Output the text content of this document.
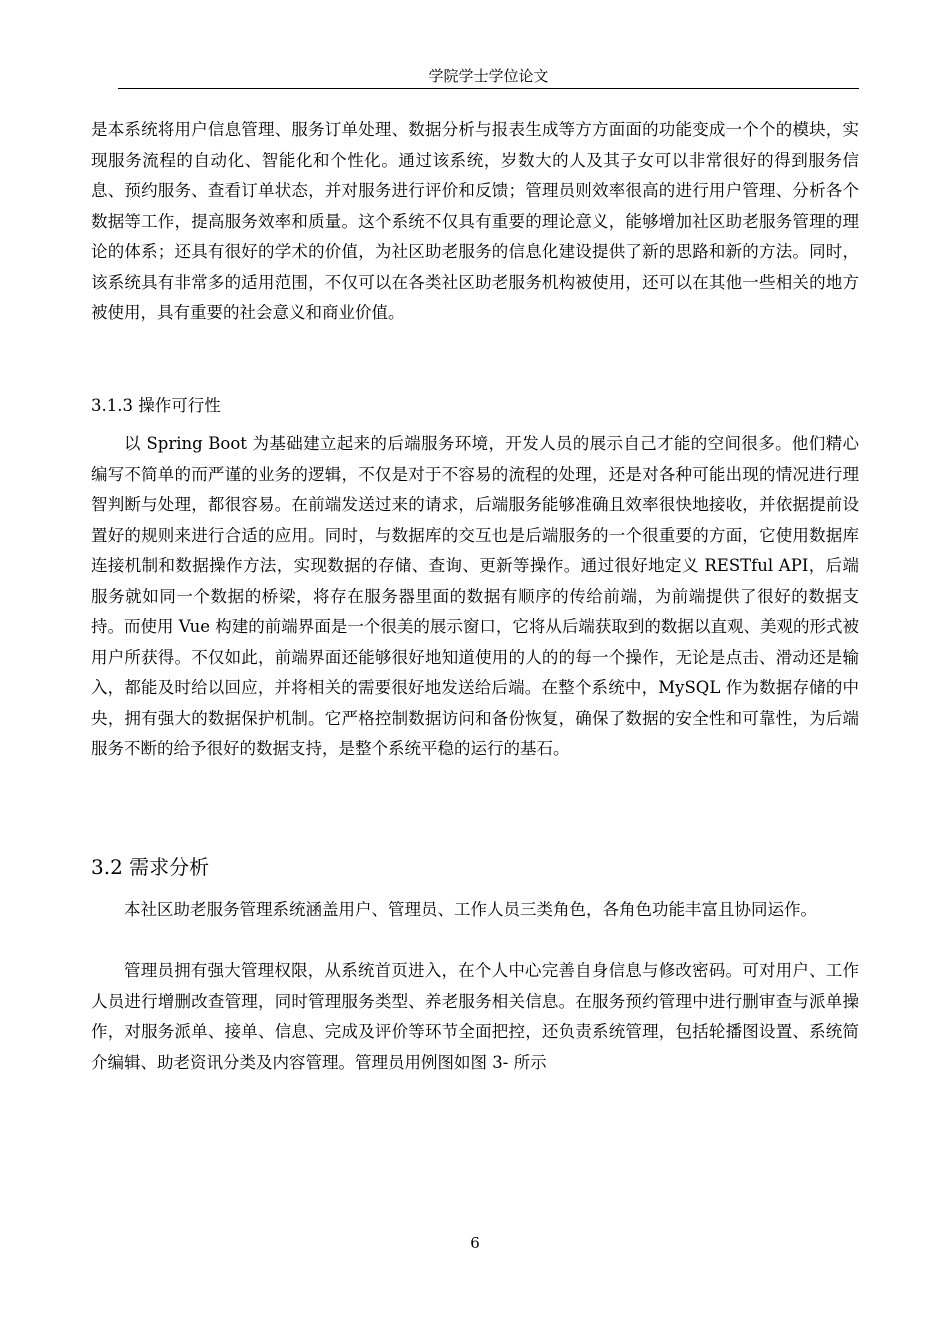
学院学士学位论文

是本系统将用户信息管理、服务订单处理、数据分析与报表生成等方方面面的功能变成一个个的模块，实现服务流程的自动化、智能化和个性化。通过该系统，岁数大的人及其子女可以非常很好的得到服务信息、预约服务、查看订单状态，并对服务进行评价和反馈；管理员则效率很高的进行用户管理、分析各个数据等工作，提高服务效率和质量。这个系统不仅具有重要的理论意义，能够增加社区助老服务管理的理论的体系；还具有很好的学术的价值，为社区助老服务的信息化建设提供了新的思路和新的方法。同时，该系统具有非常多的适用范围，不仅可以在各类社区助老服务机构被使用，还可以在其他一些相关的地方被使用，具有重要的社会意义和商业价值。

3.1.3 操作可行性

以 Spring Boot 为基础建立起来的后端服务环境，开发人员的展示自己才能的空间很多。他们精心编写不简单的而严谨的业务的逻辑，不仅是对于不容易的流程的处理，还是对各种可能出现的情况进行理智判断与处理，都很容易。在前端发送过来的请求，后端服务能够准确且效率很快地接收，并依据提前设置好的规则来进行合适的应用。同时，与数据库的交互也是后端服务的一个很重要的方面，它使用数据库连接机制和数据操作方法，实现数据的存储、查询、更新等操作。通过很好地定义 RESTful API，后端服务就如同一个数据的桥梁，将存在服务器里面的数据有顺序的传给前端，为前端提供了很好的数据支持。而使用 Vue 构建的前端界面是一个很美的展示窗口，它将从后端获取到的数据以直观、美观的形式被用户所获得。不仅如此，前端界面还能够很好地知道使用的人的的每一个操作，无论是点击、滑动还是输入，都能及时给以回应，并将相关的需要很好地发送给后端。在整个系统中，MySQL 作为数据存储的中央，拥有强大的数据保护机制。它严格控制数据访问和备份恢复，确保了数据的安全性和可靠性，为后端服务不断的给予很好的数据支持，是整个系统平稳的运行的基石。

3.2 需求分析

本社区助老服务管理系统涵盖用户、管理员、工作人员三类角色，各角色功能丰富且协同运作。

管理员拥有强大管理权限，从系统首页进入，在个人中心完善自身信息与修改密码。可对用户、工作人员进行增删改查管理，同时管理服务类型、养老服务相关信息。在服务预约管理中进行删审查与派单操作，对服务派单、接单、信息、完成及评价等环节全面把控，还负责系统管理，包括轮播图设置、系统简介编辑、助老资讯分类及内容管理。管理员用例图如图 3- 所示

6
